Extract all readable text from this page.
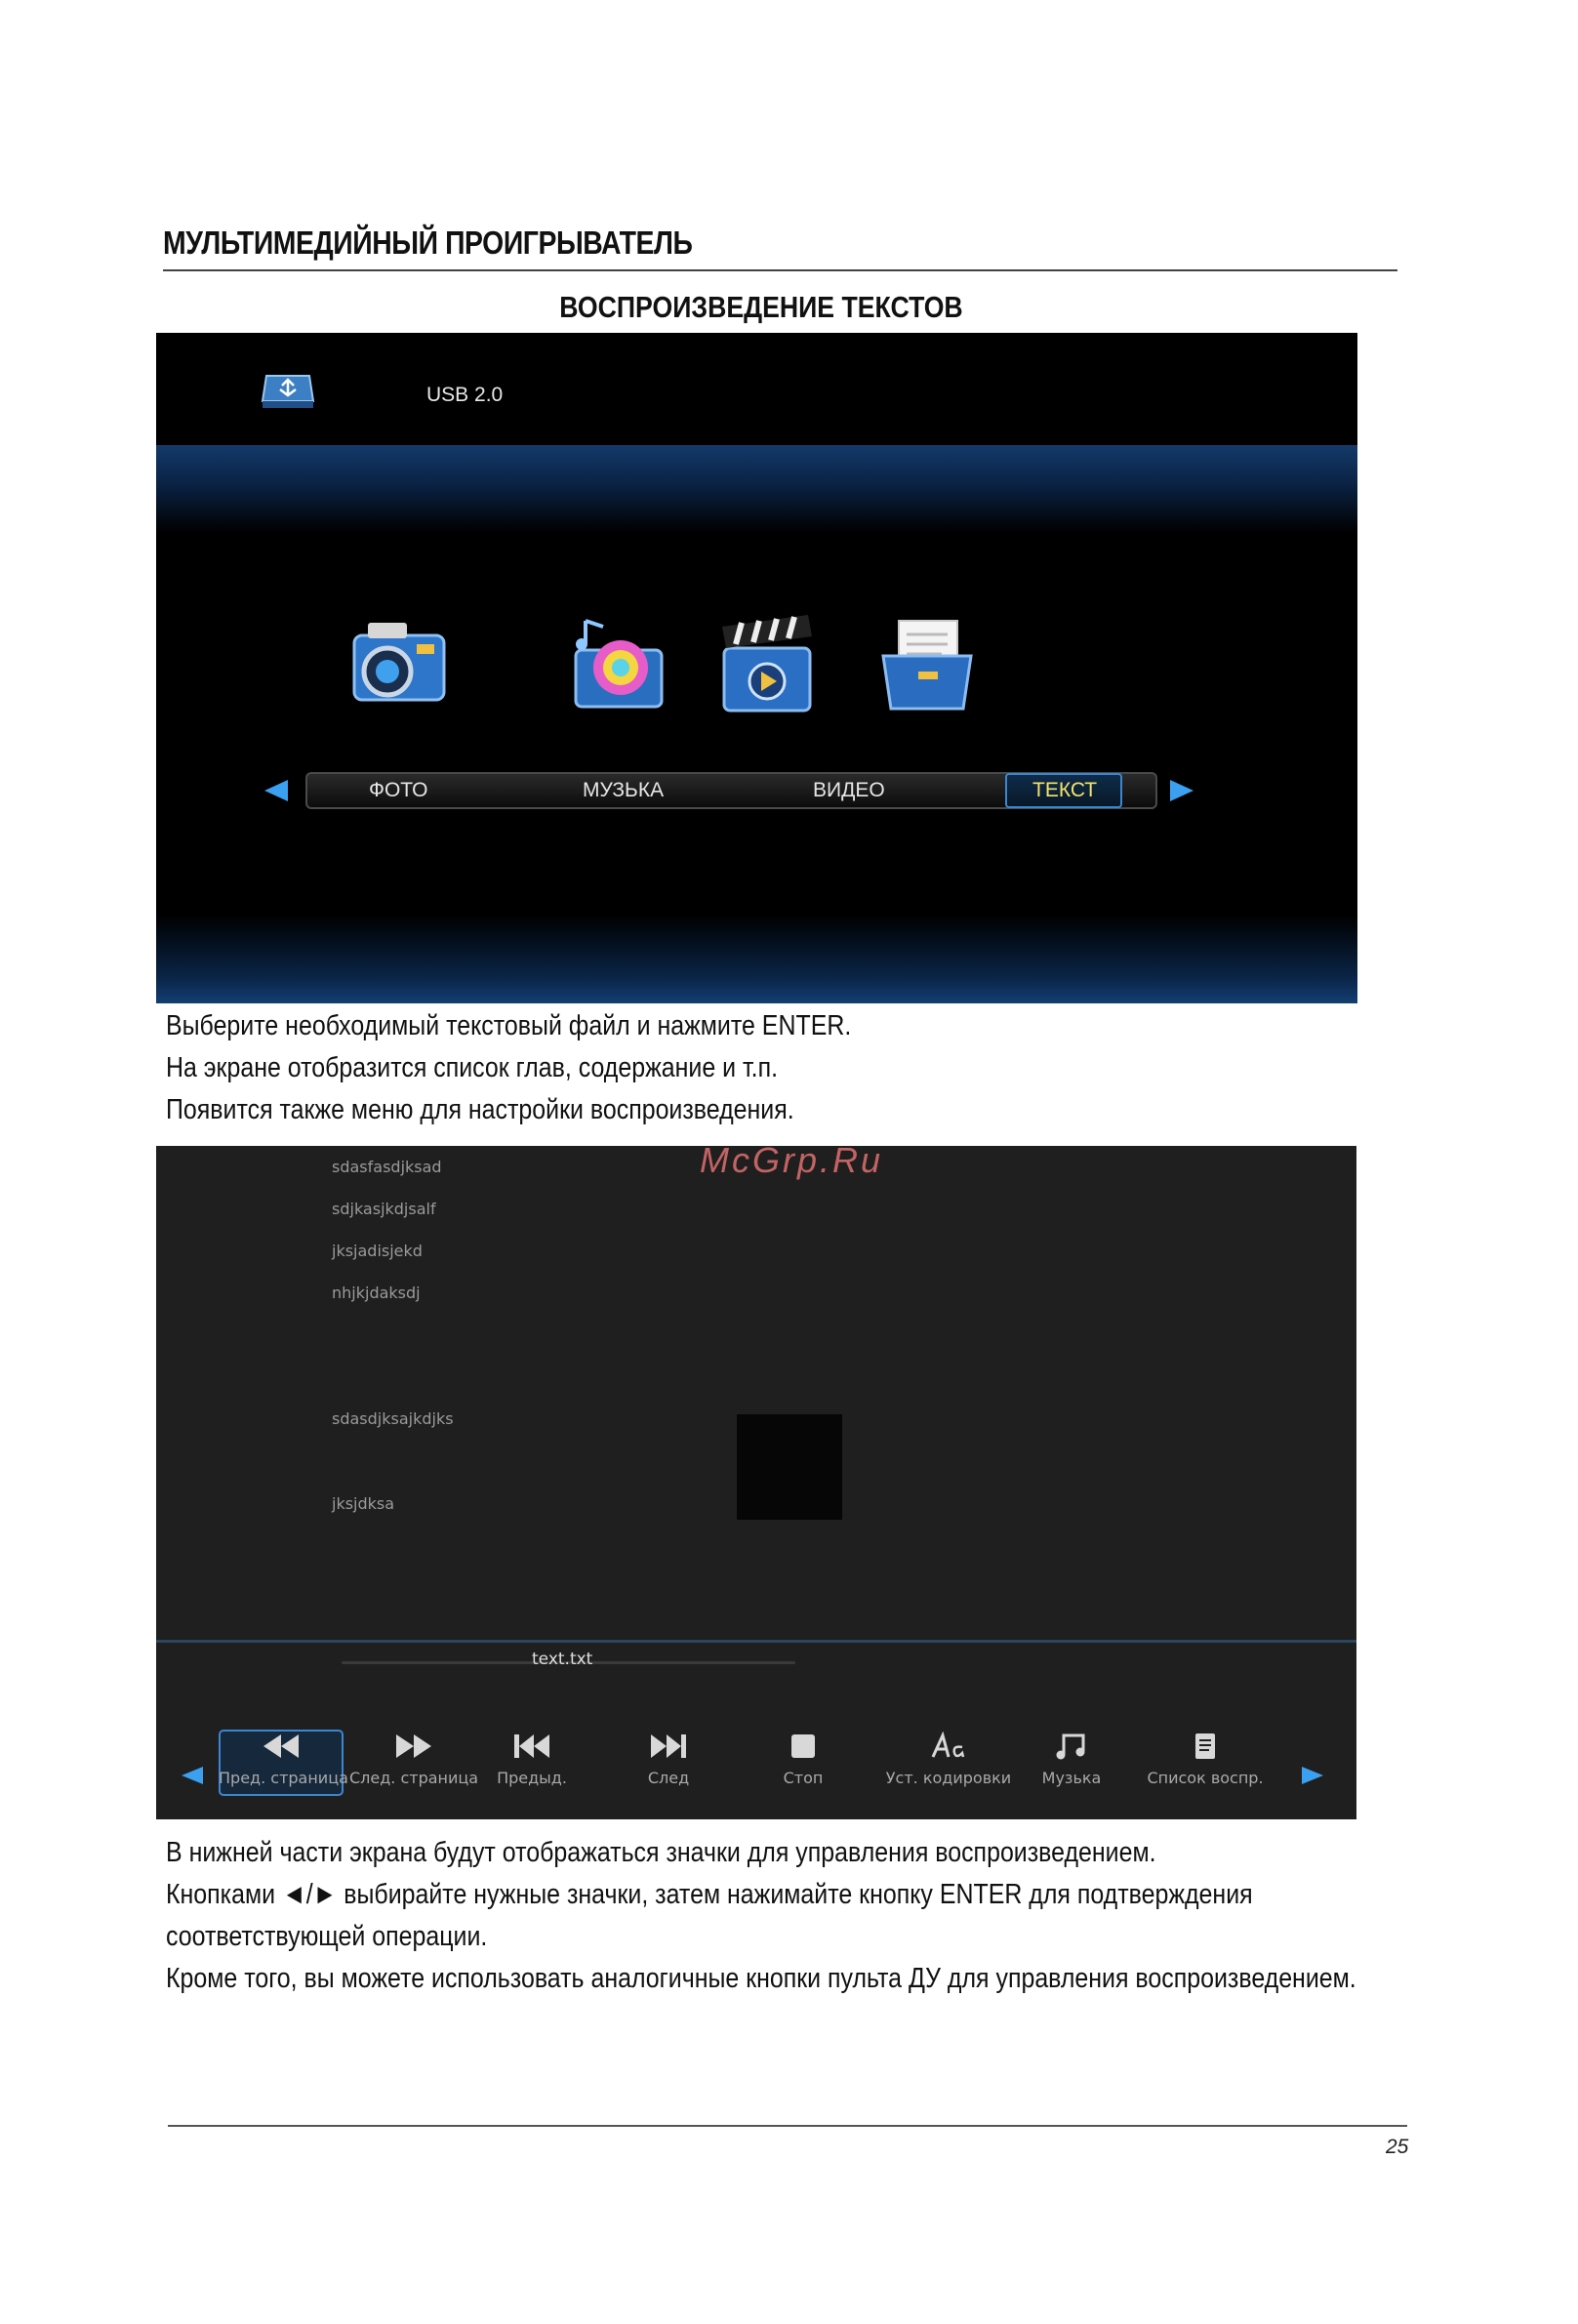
МУЛЬТИМЕДИЙНЫЙ ПРОИГРЫВАТЕЛЬ
ВОСПРОИЗВЕДЕНИЕ ТЕКСТОВ
USB 2.0
ФОТО	МУЗЬКА	ВИДЕО	ТЕКСТ
Выберите необходимый текстовый файл и нажмите ENTER.
На экране отобразится список глав, содержание и т.п.
Появится также меню для настройки воспроизведения.
sdasfasdjksad
sdjkasjkdjsalf
jksjadisjekd
nhjkjdaksdj
sdasdjksajkdjks
jksjdksa
text.txt
Пред. страница След. страница	Предыд.	След	Стоп	Уст. кодировки	Музька	Список воспр.
McGrp.Ru
В нижней части экрана будут отображаться значки для управления воспроизведением.
Кнопками ◄/► выбирайте нужные значки, затем нажимайте кнопку ENTER для подтверждения
соответствующей операции.
Кроме того, вы можете использовать аналогичные кнопки пульта ДУ для управления воспроизведением.
25
